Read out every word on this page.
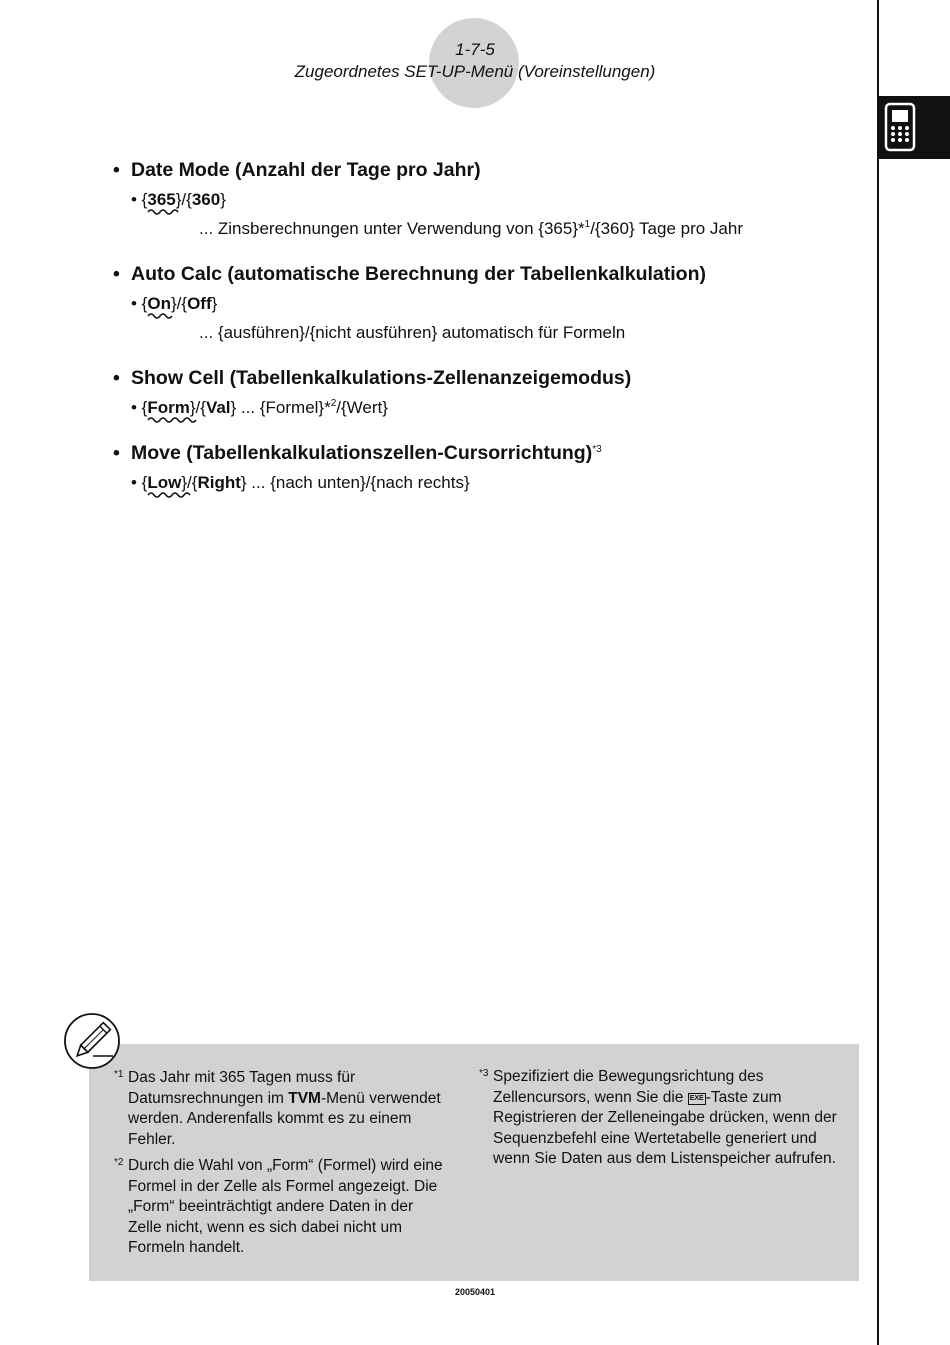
1-7-5
Zugeordnetes SET-UP-Menü (Voreinstellungen)
• Date Mode (Anzahl der Tage pro Jahr)
• {365
}/{360}
... Zinsberechnungen unter Verwendung von {365}*$^1$/{360} Tage pro Jahr
• Auto Calc (automatische Berechnung der Tabellenkalkulation)
• {On
}/{Off}
... {ausführen}/{nicht ausführen} automatisch für Formeln
• Show Cell (Tabellenkalkulations-Zellenanzeigemodus)
• {Form
}/{Val} ... {Formel}*$^2$/{Wert}
• Move (Tabellenkalkulationszellen-Cursorrichtung)$^{*3}$
• {Low
}/{Right} ... {nach unten}/{nach rechts}
*1 Das Jahr mit 365 Tagen muss für
Datumsrechnungen im TVM-Menü verwendet
werden. Anderenfalls kommt es zu einem
Fehler.
*2 Durch die Wahl von „Form“ (Formel) wird eine
Formel in der Zelle als Formel angezeigt. Die
„Form“ beeinträchtigt andere Daten in der
Zelle nicht, wenn es sich dabei nicht um
Formeln handelt.
*3 Spezifiziert die Bewegungsrichtung des
Zellencursors, wenn Sie die EXE -Taste zum
Registrieren der Zelleneingabe drücken, wenn der
Sequenzbefehl eine Wertetabelle generiert und
wenn Sie Daten aus dem Listenspeicher aufrufen.
20050401
